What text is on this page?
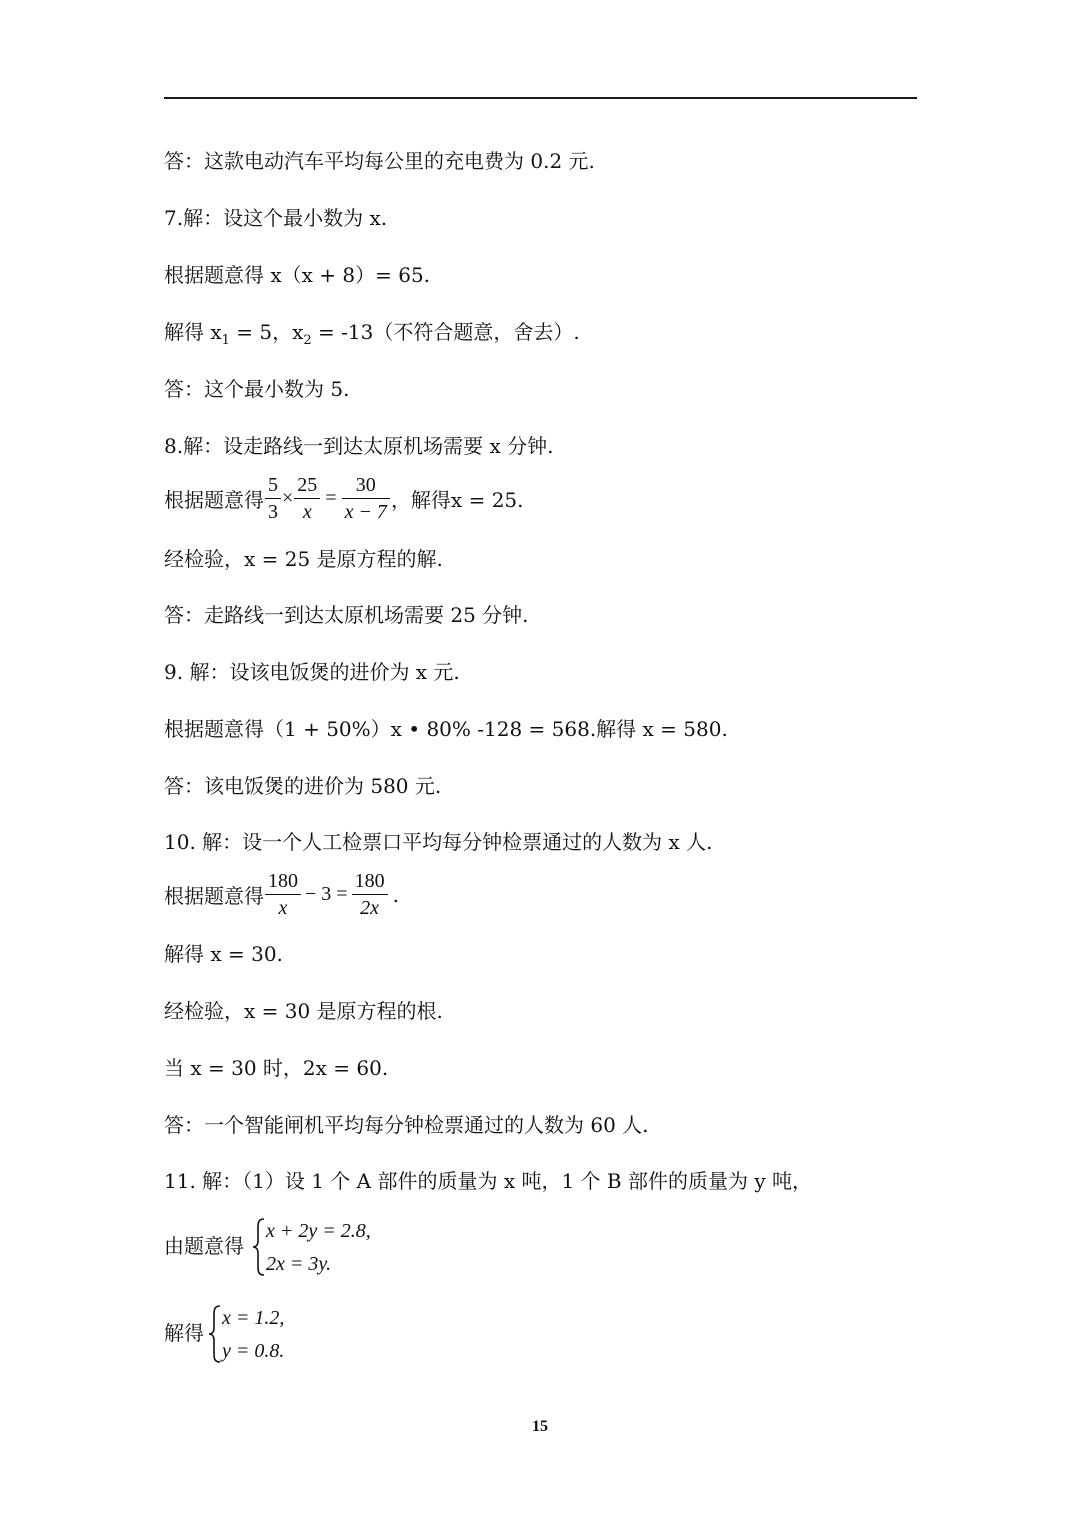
答：这款电动汽车平均每公里的充电费为 0.2 元.
7.解：设这个最小数为 x.
根据题意得 x（x + 8）= 65.
解得 $x_1 = 5$，$x_2 = -13$（不符合题意，舍去）.
答：这个最小数为 5.
8.解：设走路线一到达太原机场需要 x 分钟.
根据题意得 $\frac{5}{3} \times \frac{25}{x} = \frac{30}{x - 7}$ ，解得x = 25.
经检验，x = 25 是原方程的解.
答：走路线一到达太原机场需要 25 分钟.
9. 解：设该电饭煲的进价为 x 元.
根据题意得（1 + 50%）x • 80% -128 = 568.解得 x = 580.
答：该电饭煲的进价为 580 元.
10. 解：设一个人工检票口平均每分钟检票通过的人数为 x 人.
根据题意得 $\frac{180}{x} - 3 = \frac{180}{2x}$ .
解得 x = 30.
经检验，x = 30 是原方程的根.
当 x = 30 时，2x = 60.
答：一个智能闸机平均每分钟检票通过的人数为 60 人.
11. 解：（1）设 1 个 A 部件的质量为 x 吨，1 个 B 部件的质量为 y 吨，
由题意得
x + 2y = 2.8,
2x = 3y.
解得
x = 1.2,
y = 0.8.
15
